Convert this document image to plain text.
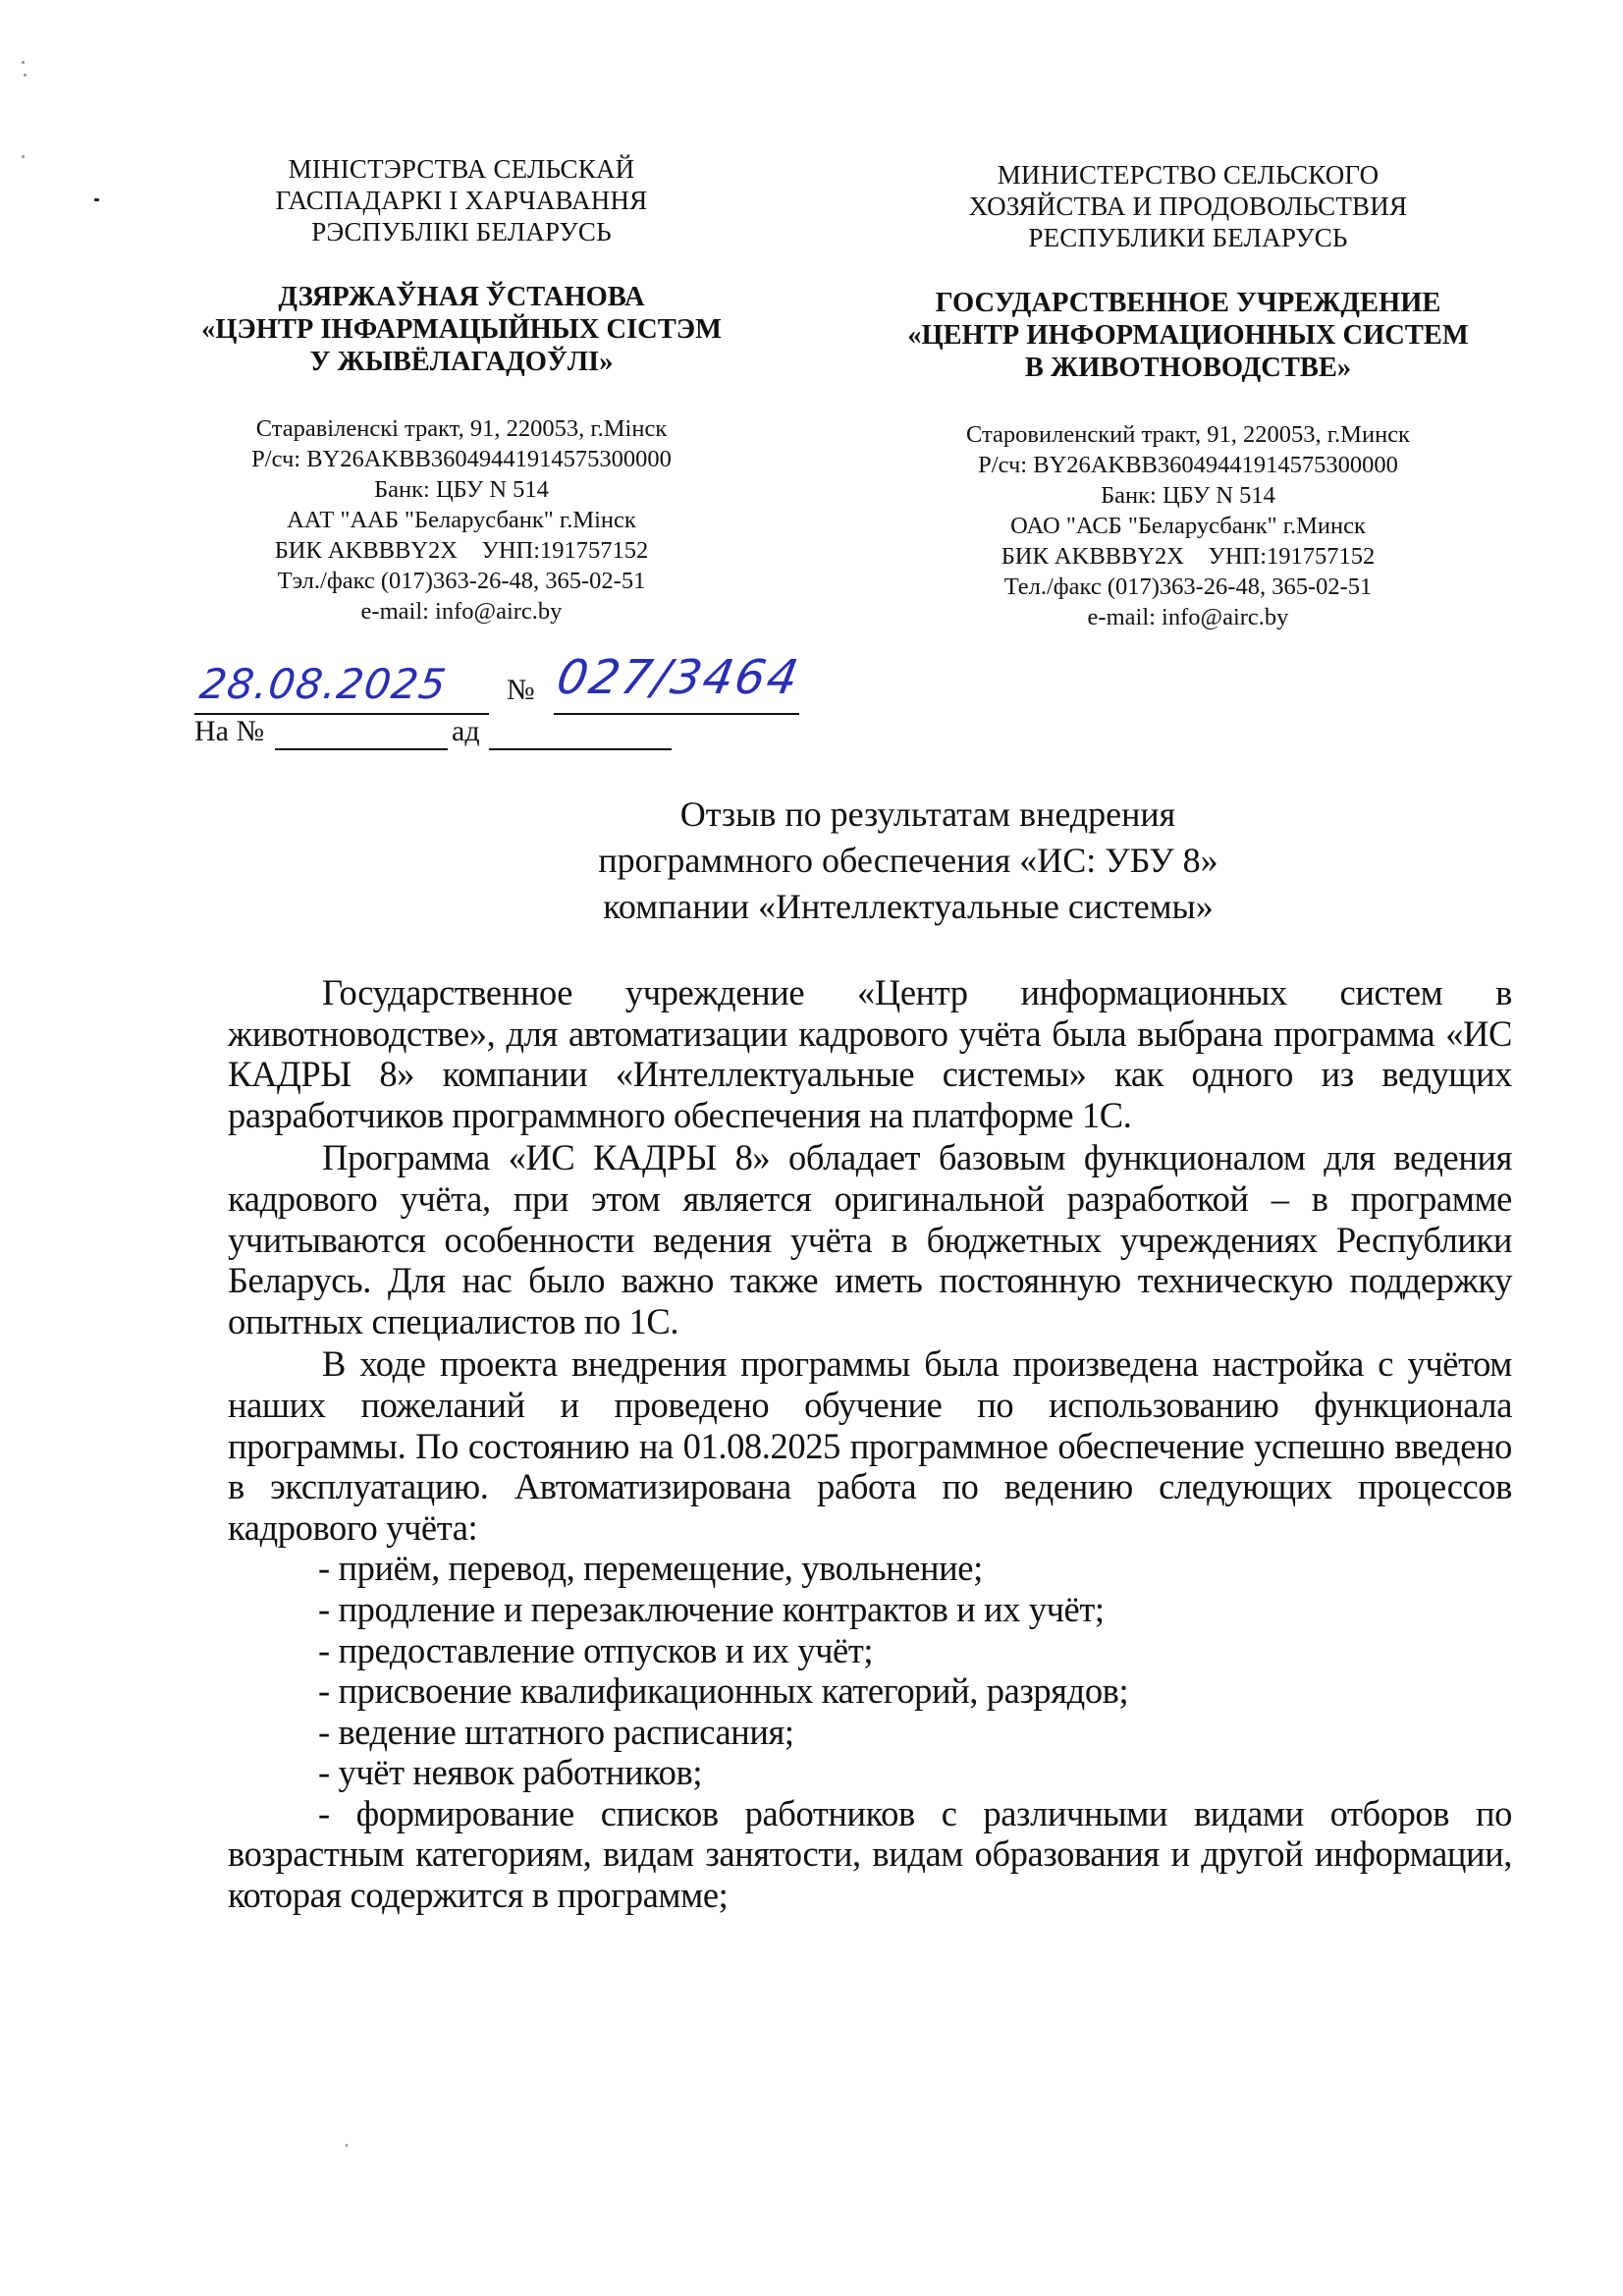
МІНІСТЭРСТВА СЕЛЬСКАЙ
ГАСПАДАРКІ І ХАРЧАВАННЯ
РЭСПУБЛІКІ БЕЛАРУСЬ
ДЗЯРЖАЎНАЯ ЎСТАНОВА
«ЦЭНТР ІНФАРМАЦЫЙНЫХ СІСТЭМ
У ЖЫВЁЛАГАДОЎЛІ»
Старавіленскі тракт, 91, 220053, г.Мінск
Р/сч: BY26AKBB36049441914575300000
Банк: ЦБУ N 514
ААТ "ААБ "Беларусбанк" г.Мінск
БИК AKBBBY2X    УНП:191757152
Тэл./факс (017)363-26-48, 365-02-51
e-mail: info@airc.by
МИНИСТЕРСТВО СЕЛЬСКОГО
ХОЗЯЙСТВА И ПРОДОВОЛЬСТВИЯ
РЕСПУБЛИКИ БЕЛАРУСЬ
ГОСУДАРСТВЕННОЕ УЧРЕЖДЕНИЕ
«ЦЕНТР ИНФОРМАЦИОННЫХ СИСТЕМ
В ЖИВОТНОВОДСТВЕ»
Старовиленский тракт, 91, 220053, г.Минск
Р/сч: BY26AKBB36049441914575300000
Банк: ЦБУ N 514
ОАО "АСБ "Беларусбанк" г.Минск
БИК AKBBBY2X    УНП:191757152
Тел./факс (017)363-26-48, 365-02-51
e-mail: info@airc.by
28.08.2025 № 027/3464
На №	ад
Отзыв по результатам внедрения
программного обеспечения «ИС: УБУ 8»
компании «Интеллектуальные системы»

Государственное учреждение «Центр информационных систем в животноводстве», для автоматизации кадрового учёта была выбрана программа «ИС КАДРЫ 8» компании «Интеллектуальные системы» как одного из ведущих разработчиков программного обеспечения на платформе 1С.

Программа «ИС КАДРЫ 8» обладает базовым функционалом для ведения кадрового учёта, при этом является оригинальной разработкой – в программе учитываются особенности ведения учёта в бюджетных учреждениях Республики Беларусь. Для нас было важно также иметь постоянную техническую поддержку опытных специалистов по 1С.

В ходе проекта внедрения программы была произведена настройка с учётом наших пожеланий и проведено обучение по использованию функционала программы. По состоянию на 01.08.2025 программное обеспечение успешно введено в эксплуатацию. Автоматизирована работа по ведению следующих процессов кадрового учёта:

- приём, перевод, перемещение, увольнение;

- продление и перезаключение контрактов и их учёт;

- предоставление отпусков и их учёт;

- присвоение квалификационных категорий, разрядов;

- ведение штатного расписания;

- учёт неявок работников;

- формирование списков работников с различными видами отборов по возрастным категориям, видам занятости, видам образования и другой информации, которая содержится в программе;
